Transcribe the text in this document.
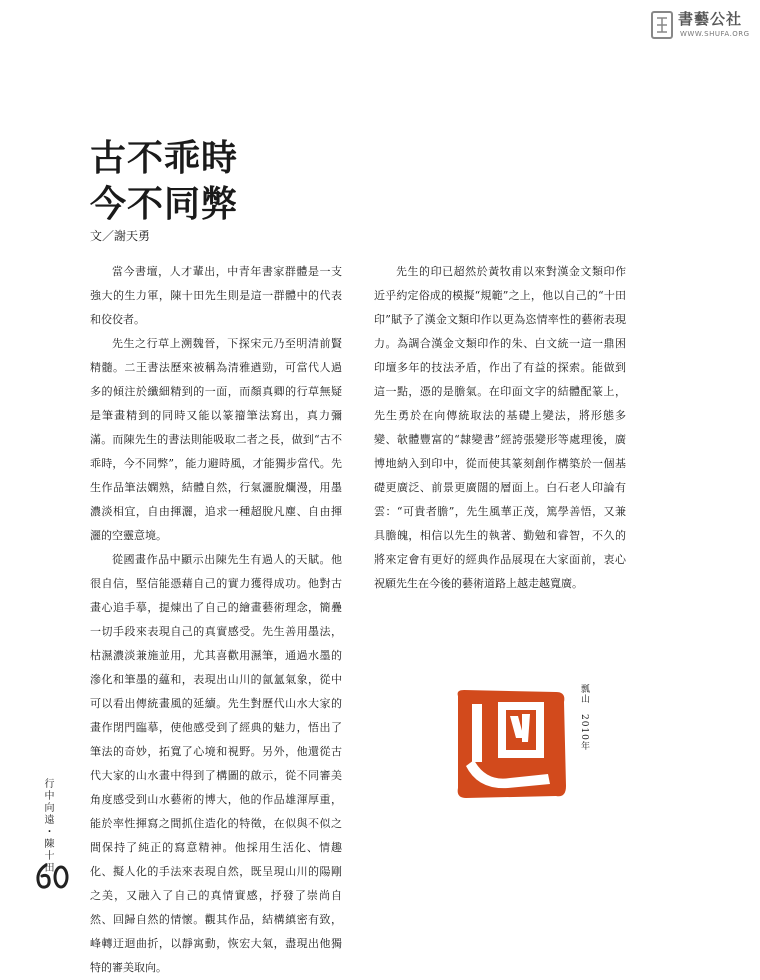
書藝公社
WWW.SHUFA.ORG
古不乖時
今不同弊
文／謝天勇

當今書壇，人才輩出，中青年書家群體是一支強大的生力軍，陳十田先生則是這一群體中的代表和佼佼者。

先生之行草上溯魏晉，下探宋元乃至明清前賢精髓。二王書法歷來被稱為清雅遒勁，可當代人過多的傾注於纖細精到的一面，而顏真卿的行草無疑是筆畫精到的同時又能以篆籀筆法寫出，真力彌滿。而陳先生的書法則能吸取二者之長，做到“古不乖時，今不同弊”，能力避時風，才能獨步當代。先生作品筆法嫻熟，結體自然，行氣灑脫爛漫，用墨濃淡相宜，自由揮灑，追求一種超脫凡塵、自由揮灑的空靈意境。

從國畫作品中顯示出陳先生有過人的天賦。他很自信，堅信能憑藉自己的實力獲得成功。他對古畫心追手摹，提煉出了自己的繪畫藝術理念，簡疊一切手段來表現自己的真實感受。先生善用墨法，枯濕濃淡兼施並用，尤其喜歡用濕筆，通過水墨的滲化和筆墨的蘊和，表現出山川的氤氳氣象，從中可以看出傳統畫風的延續。先生對歷代山水大家的畫作閉門臨摹，使他感受到了經典的魅力，悟出了筆法的奇妙，拓寬了心境和視野。另外，他還從古代大家的山水畫中得到了構圖的啟示，從不同審美角度感受到山水藝術的博大，他的作品雄渾厚重，能於率性揮寫之間抓住造化的特徵，在似與不似之間保持了純正的寫意精神。他採用生活化、情趣化、擬人化的手法來表現自然，既呈現山川的陽剛之美，又融入了自己的真情實感，抒發了崇尚自然、回歸自然的情懷。觀其作品，結構縝密有致，峰轉迂迴曲折，以靜寓動，恢宏大氣，盡現出他獨特的審美取向。

先生的印已超然於黃牧甫以來對漢金文類印作近乎約定俗成的模擬“規範”之上，他以自己的“十田印”賦予了漢金文類印作以更為恣情率性的藝術表現力。為調合漢金文類印作的朱、白文統一這一鼎困印壇多年的技法矛盾，作出了有益的探索。能做到這一點，憑的是膽氣。在印面文字的結體配篆上，先生勇於在向傳統取法的基礎上變法，將形態多變、欹體豐富的“隸變書”經誇張變形等處理後，廣博地納入到印中，從而使其篆刻創作構築於一個基礎更廣泛、前景更廣闊的層面上。白石老人印論有雲：“可貴者膽”，先生風華正茂，篤學善悟，又兼具膽魄，相信以先生的執著、勤勉和睿智，不久的將來定會有更好的經典作品展現在大家面前，衷心祝願先生在今後的藝術道路上越走越寬廣。

瓢山　2010年
行中向遠・陳十田
